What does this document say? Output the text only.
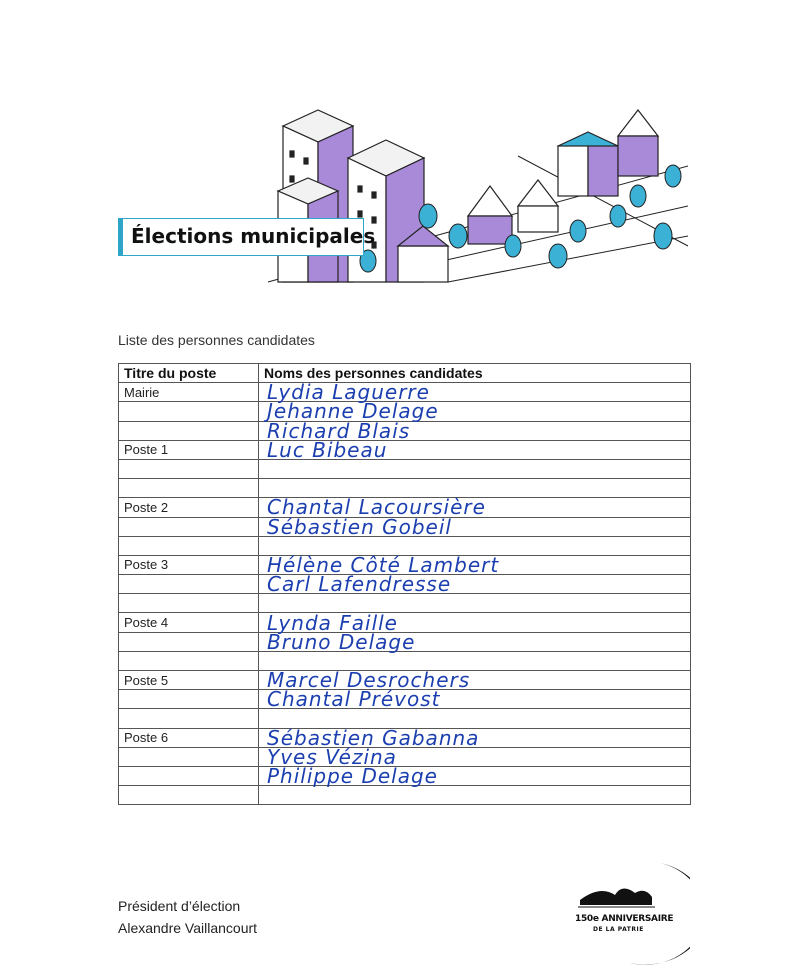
Élections municipales
Liste des personnes candidates
Titre du poste	Noms des personnes candidates
Mairie	Lydia Laguerre
	Jehanne Delage
	Richard Blais
Poste 1	Luc Bibeau

Poste 2	Chantal Lacoursière
	Sébastien Gobeil

Poste 3	Hélène Côté Lambert
	Carl Lafendresse

Poste 4	Lynda Faille
	Bruno Delage

Poste 5	Marcel Desrochers
	Chantal Prévost

Poste 6	Sébastien Gabanna
	Yves Vézina
	Philippe Delage

Président d’élection
Alexandre Vaillancourt
150e ANNIVERSAIRE
DE LA PATRIE
